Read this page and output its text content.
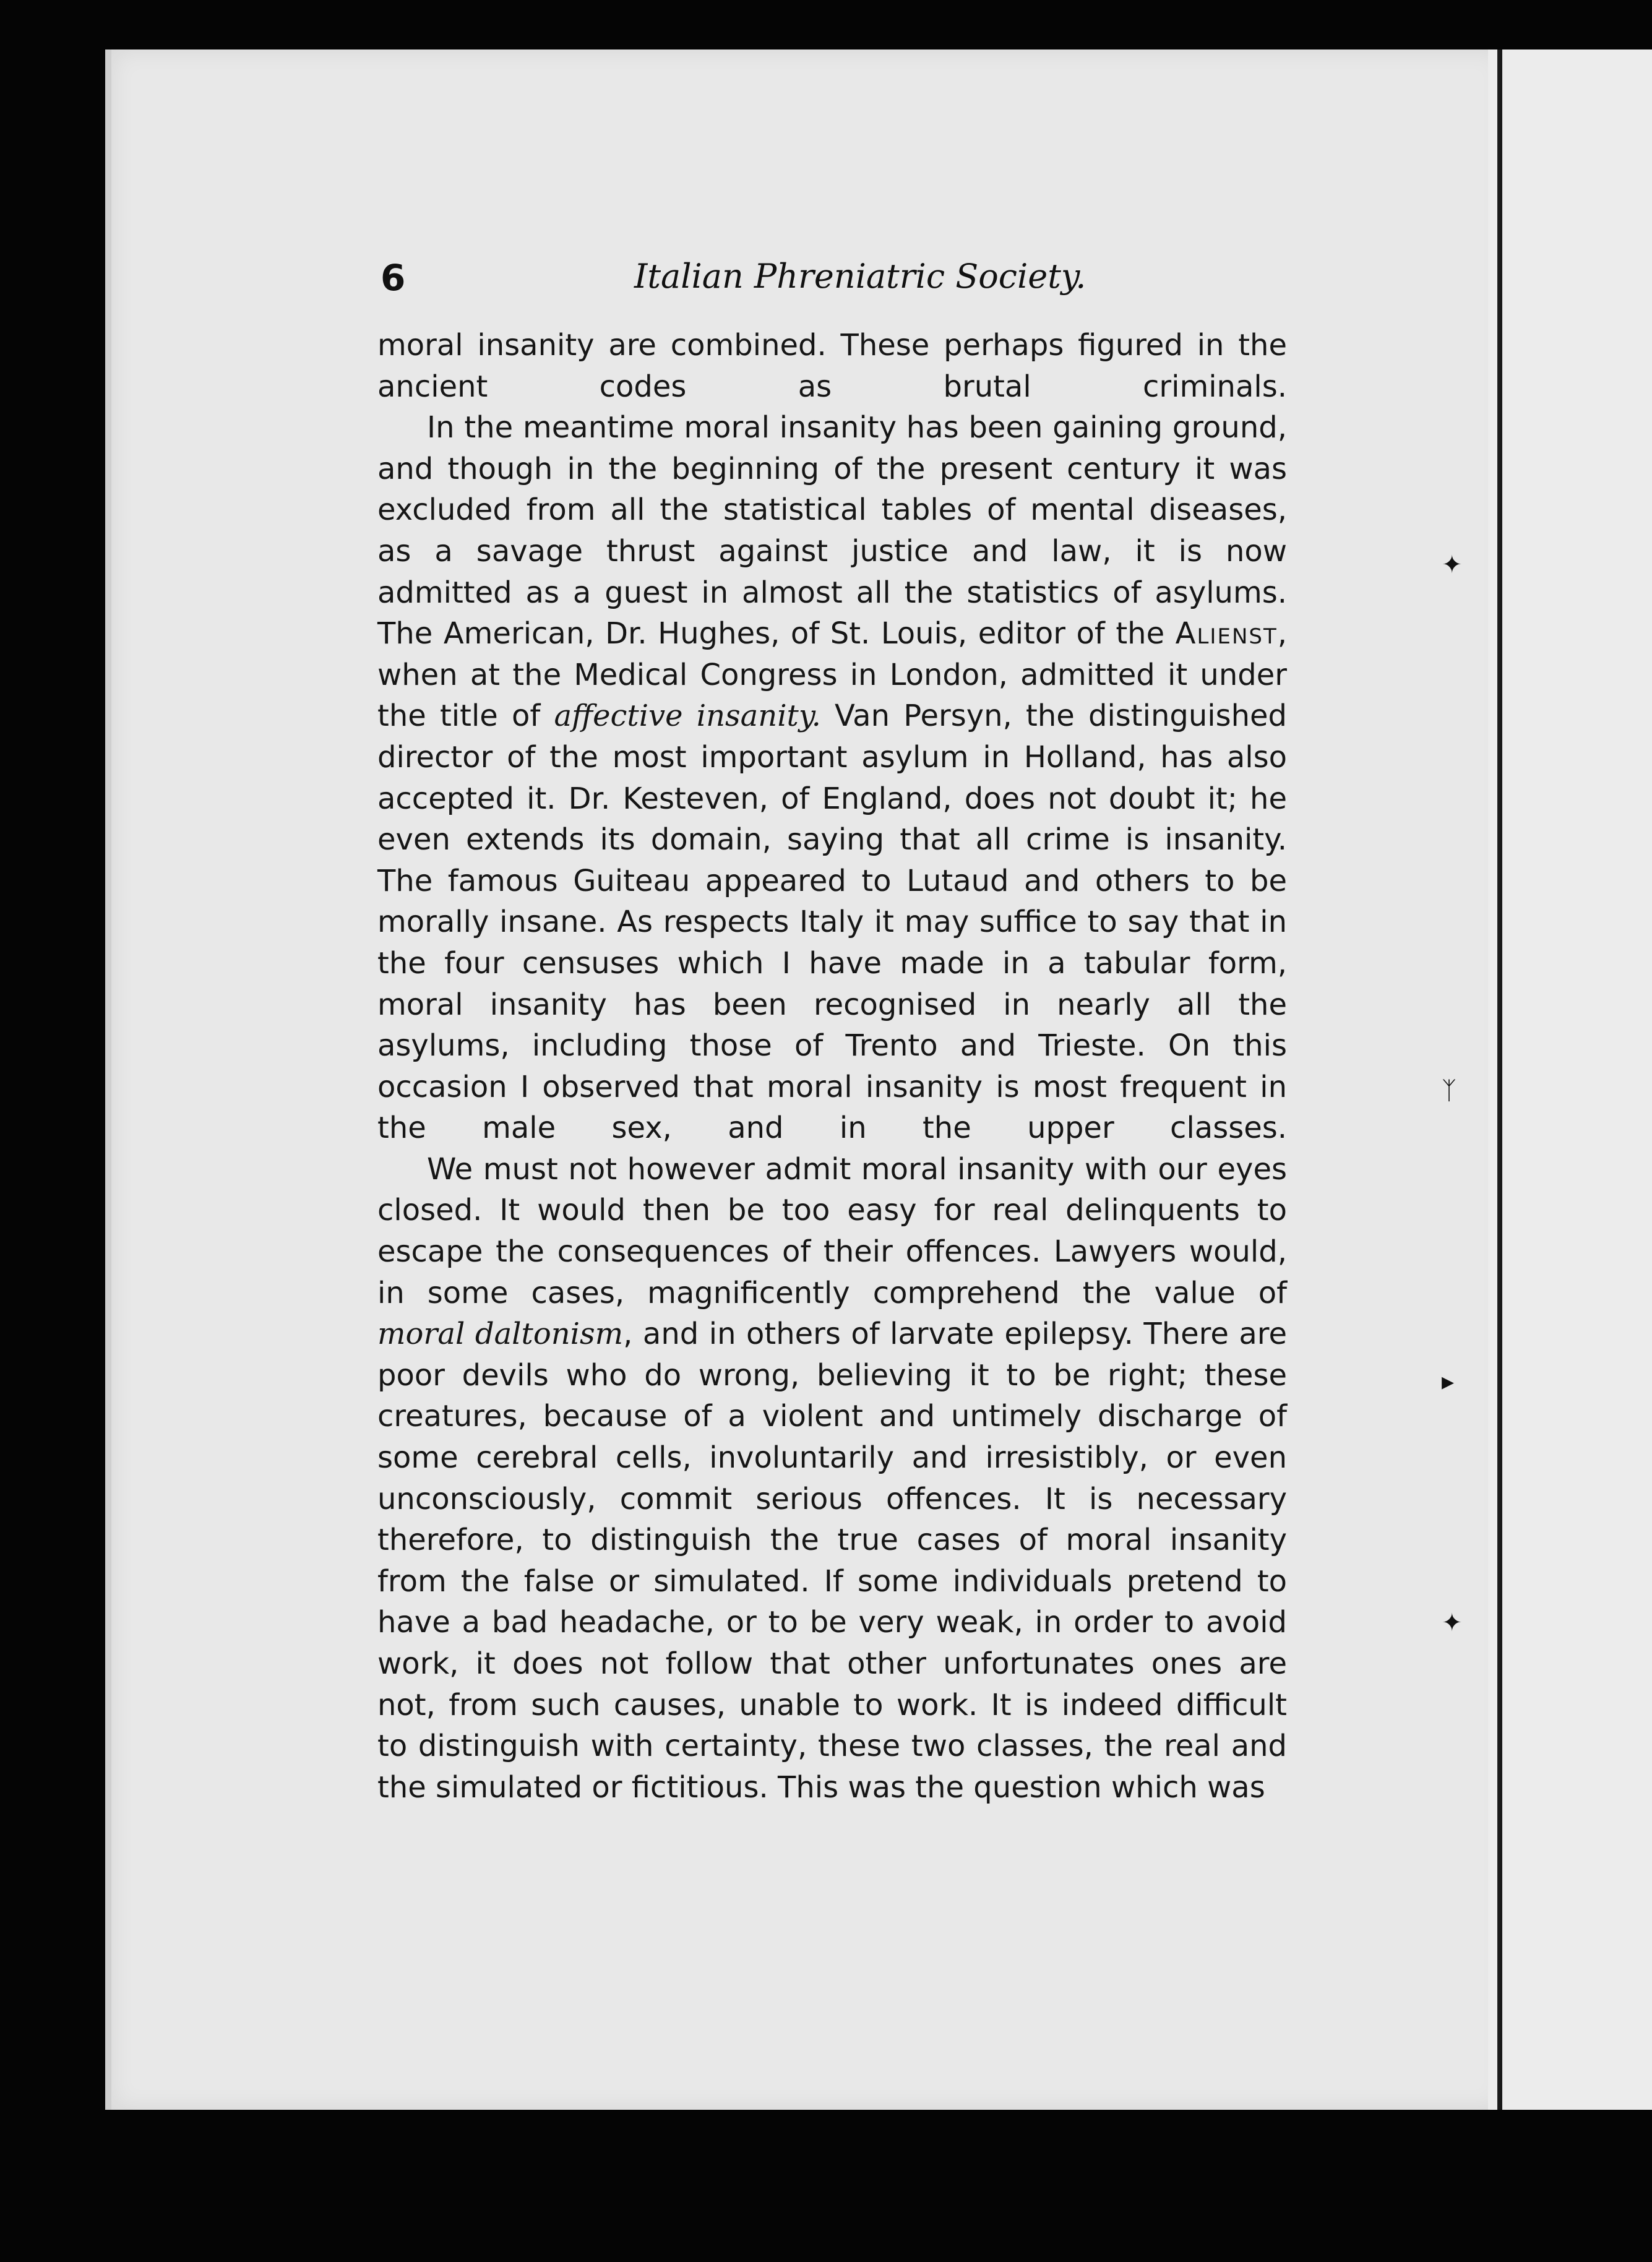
✦
ᛉ
▸
✦
6	Italian Phreniatric Society.

moral insanity are combined. These perhaps figured in the ancient codes as brutal criminals.

In the meantime moral insanity has been gaining ground, and though in the beginning of the present century it was excluded from all the statistical tables of mental diseases, as a savage thrust against justice and law, it is now admitted as a guest in almost all the statistics of asylums. The American, Dr. Hughes, of St. Louis, editor of the Alienst, when at the Medical Congress in London, admitted it under the title of affective insanity. Van Persyn, the distinguished director of the most important asylum in Holland, has also accepted it. Dr. Kesteven, of England, does not doubt it; he even extends its domain, saying that all crime is insanity. The famous Guiteau appeared to Lutaud and others to be morally insane. As respects Italy it may suffice to say that in the four censuses which I have made in a tabular form, moral insanity has been recognised in nearly all the asylums, including those of Trento and Trieste. On this occasion I observed that moral insanity is most frequent in the male sex, and in the upper classes.

We must not however admit moral insanity with our eyes closed. It would then be too easy for real delinquents to escape the consequences of their offences. Lawyers would, in some cases, magnificently comprehend the value of moral daltonism, and in others of larvate epilepsy. There are poor devils who do wrong, believing it to be right; these creatures, because of a violent and untimely discharge of some cerebral cells, involuntarily and irresistibly, or even unconsciously, commit serious offences. It is necessary therefore, to distinguish the true cases of moral insanity from the false or simulated. If some individuals pretend to have a bad headache, or to be very weak, in order to avoid work, it does not follow that other unfortunates ones are not, from such causes, unable to work. It is indeed difficult to distinguish with certainty, these two classes, the real and the simulated or fictitious. This was the question which was
